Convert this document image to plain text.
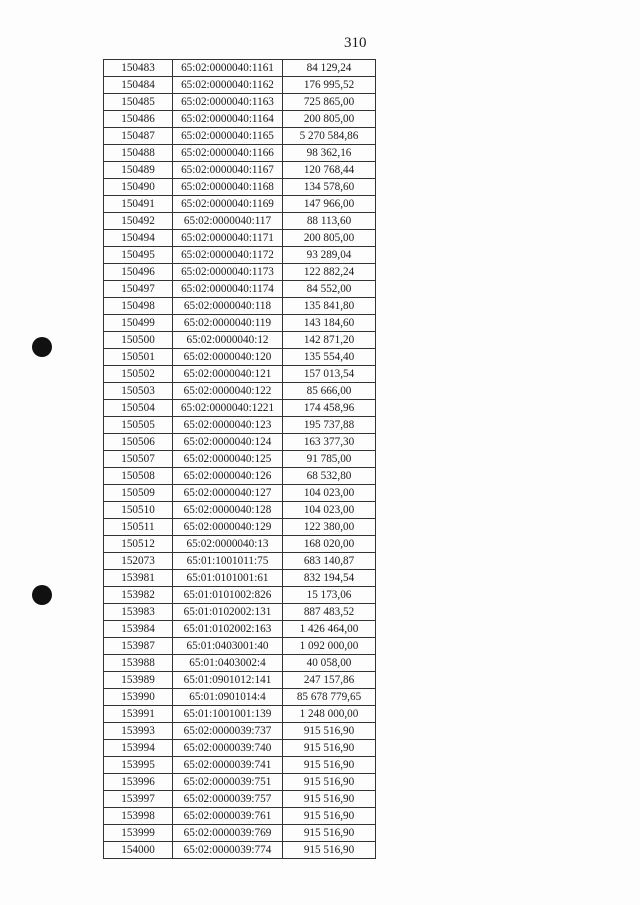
310
150483	65:02:0000040:1161	84 129,24
150484	65:02:0000040:1162	176 995,52
150485	65:02:0000040:1163	725 865,00
150486	65:02:0000040:1164	200 805,00
150487	65:02:0000040:1165	5 270 584,86
150488	65:02:0000040:1166	98 362,16
150489	65:02:0000040:1167	120 768,44
150490	65:02:0000040:1168	134 578,60
150491	65:02:0000040:1169	147 966,00
150492	65:02:0000040:117	88 113,60
150494	65:02:0000040:1171	200 805,00
150495	65:02:0000040:1172	93 289,04
150496	65:02:0000040:1173	122 882,24
150497	65:02:0000040:1174	84 552,00
150498	65:02:0000040:118	135 841,80
150499	65:02:0000040:119	143 184,60
150500	65:02:0000040:12	142 871,20
150501	65:02:0000040:120	135 554,40
150502	65:02:0000040:121	157 013,54
150503	65:02:0000040:122	85 666,00
150504	65:02:0000040:1221	174 458,96
150505	65:02:0000040:123	195 737,88
150506	65:02:0000040:124	163 377,30
150507	65:02:0000040:125	91 785,00
150508	65:02:0000040:126	68 532,80
150509	65:02:0000040:127	104 023,00
150510	65:02:0000040:128	104 023,00
150511	65:02:0000040:129	122 380,00
150512	65:02:0000040:13	168 020,00
152073	65:01:1001011:75	683 140,87
153981	65:01:0101001:61	832 194,54
153982	65:01:0101002:826	15 173,06
153983	65:01:0102002:131	887 483,52
153984	65:01:0102002:163	1 426 464,00
153987	65:01:0403001:40	1 092 000,00
153988	65:01:0403002:4	40 058,00
153989	65:01:0901012:141	247 157,86
153990	65:01:0901014:4	85 678 779,65
153991	65:01:1001001:139	1 248 000,00
153993	65:02:0000039:737	915 516,90
153994	65:02:0000039:740	915 516,90
153995	65:02:0000039:741	915 516,90
153996	65:02:0000039:751	915 516,90
153997	65:02:0000039:757	915 516,90
153998	65:02:0000039:761	915 516,90
153999	65:02:0000039:769	915 516,90
154000	65:02:0000039:774	915 516,90
